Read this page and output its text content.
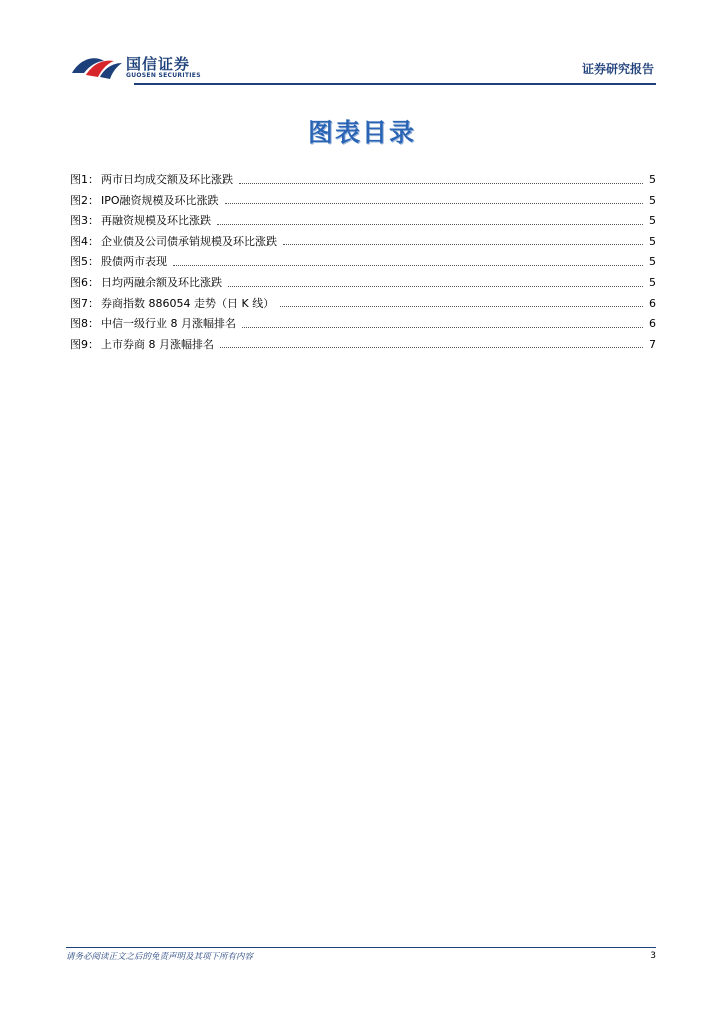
国信证券
GUOSEN SECURITIES	证券研究报告
图表目录
图1： 两市日均成交额及环比涨跌	5
图2： IPO融资规模及环比涨跌	5
图3： 再融资规模及环比涨跌	5
图4： 企业债及公司债承销规模及环比涨跌	5
图5： 股债两市表现	5
图6： 日均两融余额及环比涨跌	5
图7： 券商指数 886054 走势（日 K 线）	6
图8： 中信一级行业 8 月涨幅排名	6
图9： 上市券商 8 月涨幅排名	7
请务必阅读正文之后的免责声明及其项下所有内容	3
